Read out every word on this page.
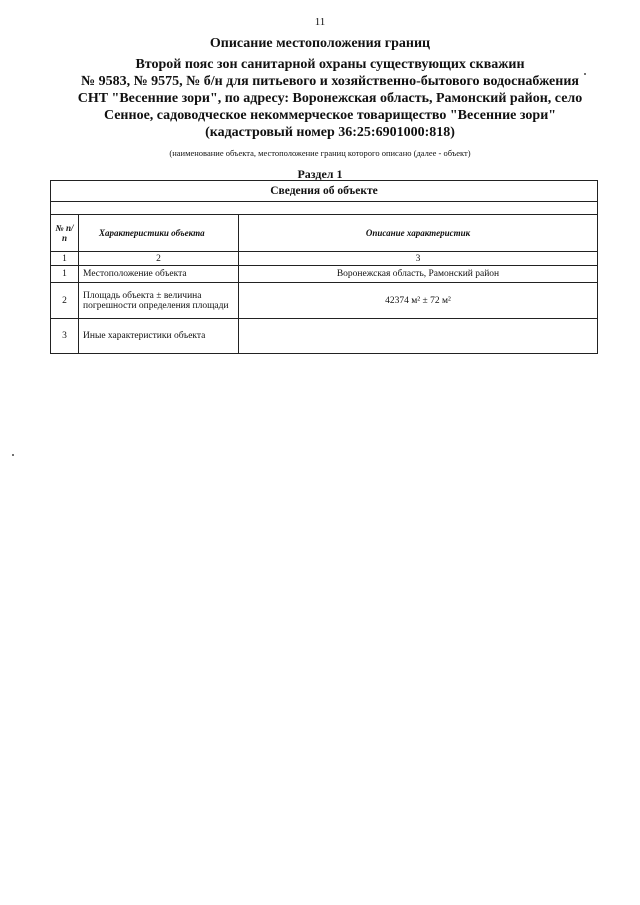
11
Описание местоположения границ
Второй пояс зон санитарной охраны существующих скважин
№ 9583, № 9575, № б/н для питьевого и хозяйственно-бытового водоснабжения
СНТ "Весенние зори", по адресу: Воронежская область, Рамонский район, село
Сенное, садоводческое некоммерческое товарищество "Весенние зори"
(кадастровый номер 36:25:6901000:818)
(наименование объекта, местоположение границ которого описано (далее - объект)
Раздел 1
Сведения об объекте		

№ п/п	Характеристики объекта	Описание характеристик
1	2	3
1	Местоположение объекта	Воронежская область, Рамонский район
2	Площадь объекта ± величина погрешности определения площади	42374 м² ± 72 м²
3	Иные характеристики объекта	
